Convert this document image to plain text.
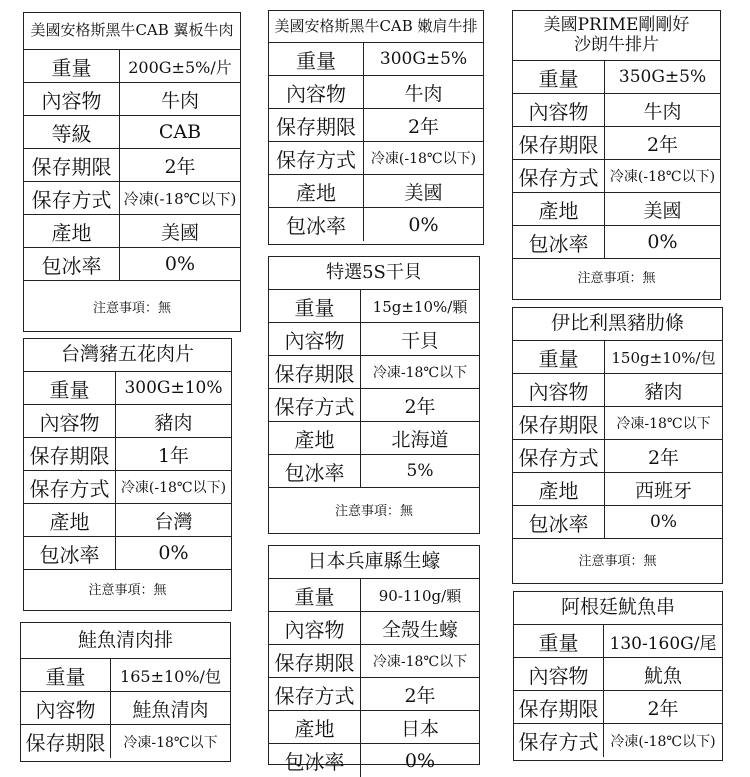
美國安格斯黑牛CAB 翼板牛肉
重量	200G±5%/片
內容物	牛肉
等級	CAB
保存期限	2年
保存方式 冷凍(-18℃以下)
產地	美國
包冰率	0%
注意事項：無
美國安格斯黑牛CAB 嫩肩牛排
重量	300G±5%
內容物	牛肉
保存期限	2年
保存方式	冷凍(-18℃以下)
產地	美國
包冰率	0%
美國PRIME剛剛好 沙朗牛排片
重量	350G±5%
內容物	牛肉
保存期限	2年
保存方式 冷凍(-18℃以下)
產地	美國
包冰率	0%
注意事項：無
特選5S干貝
重量	15g±10%/顆
內容物	干貝
保存期限	冷凍-18℃以下
保存方式	2年
產地	北海道
包冰率	5%
注意事項：無
伊比利黑豬肋條
重量	150g±10%/包
內容物	豬肉
保存期限	冷凍-18℃以下
保存方式	2年
產地	西班牙
包冰率	0%
注意事項：無
台灣豬五花肉片
重量	300G±10%
內容物	豬肉
保存期限	1年
保存方式 冷凍(-18℃以下)
產地	台灣
包冰率	0%
注意事項：無
日本兵庫縣生蠔
重量	90-110g/顆
內容物	全殼生蠔
保存期限	冷凍-18℃以下
保存方式	2年
產地	日本
包冰率	0%
鮭魚清肉排
重量	165±10%/包
內容物	鮭魚清肉
保存期限	冷凍-18℃以下
阿根廷魷魚串
重量	130-160G/尾
內容物	魷魚
保存期限	2年
保存方式 冷凍(-18℃以下)
